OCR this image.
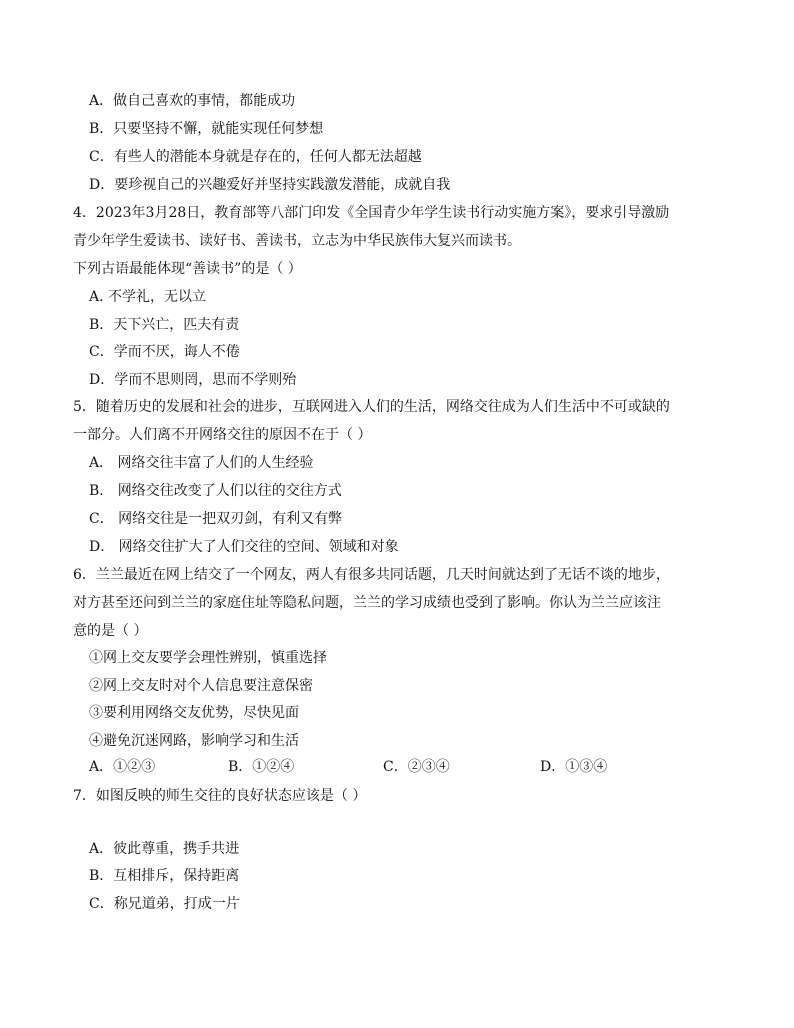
A．做自己喜欢的事情，都能成功
B．只要坚持不懈，就能实现任何梦想
C．有些人的潜能本身就是存在的，任何人都无法超越
D．要珍视自己的兴趣爱好并坚持实践激发潜能，成就自我
4．2023年3月28日，教育部等八部门印发《全国青少年学生读书行动实施方案》，要求引导激励
青少年学生爱读书、读好书、善读书，立志为中华民族伟大复兴而读书。
下列古语最能体现“善读书”的是（ ）
A. 不学礼，无以立
B．天下兴亡，匹夫有责
C．学而不厌，诲人不倦
D．学而不思则罔，思而不学则殆
5．随着历史的发展和社会的进步，互联网进入人们的生活，网络交往成为人们生活中不可或缺的
一部分。人们离不开网络交往的原因不在于（ ）
A． 网络交往丰富了人们的人生经验
B． 网络交往改变了人们以往的交往方式
C． 网络交往是一把双刃剑，有利又有弊
D． 网络交往扩大了人们交往的空间、领域和对象
6．兰兰最近在网上结交了一个网友，两人有很多共同话题，几天时间就达到了无话不谈的地步，
对方甚至还问到兰兰的家庭住址等隐私问题，兰兰的学习成绩也受到了影响。你认为兰兰应该注
意的是（ ）
①网上交友要学会理性辨别，慎重选择
②网上交友时对个人信息要注意保密
③要利用网络交友优势，尽快见面
④避免沉迷网路，影响学习和生活
A．①②③	B．①②④	C．②③④	D．①③④
7．如图反映的师生交往的良好状态应该是（ ）
A．彼此尊重，携手共进
B．互相排斥，保持距离
C．称兄道弟，打成一片
